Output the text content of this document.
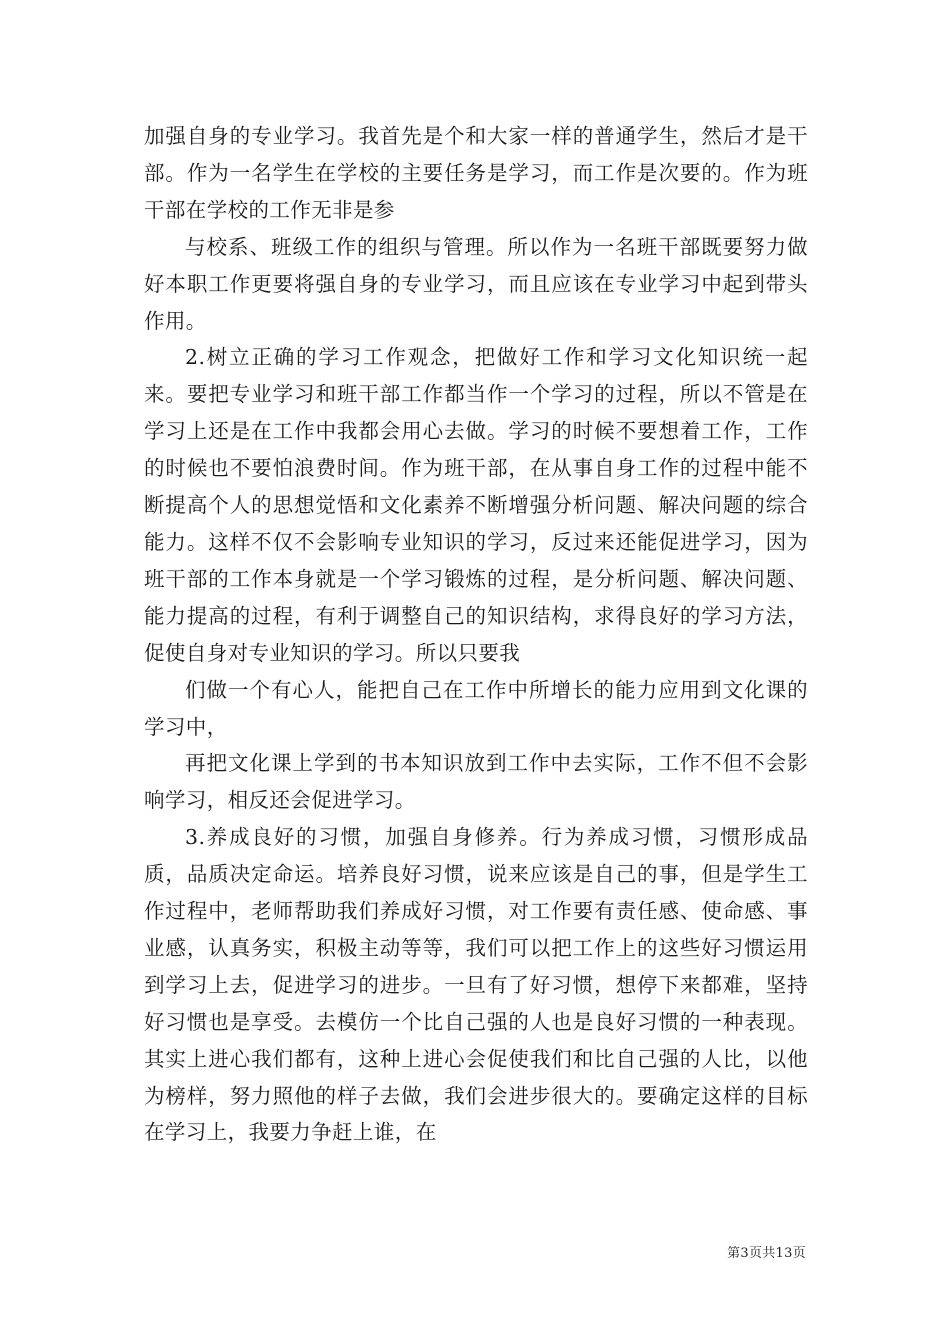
加强自身的专业学习。我首先是个和大家一样的普通学生，然后才是干部。作为一名学生在学校的主要任务是学习，而工作是次要的。作为班干部在学校的工作无非是参

与校系、班级工作的组织与管理。所以作为一名班干部既要努力做好本职工作更要将强自身的专业学习，而且应该在专业学习中起到带头作用。

2.树立正确的学习工作观念，把做好工作和学习文化知识统一起来。要把专业学习和班干部工作都当作一个学习的过程，所以不管是在学习上还是在工作中我都会用心去做。学习的时候不要想着工作，工作的时候也不要怕浪费时间。作为班干部，在从事自身工作的过程中能不断提高个人的思想觉悟和文化素养不断增强分析问题、解决问题的综合能力。这样不仅不会影响专业知识的学习，反过来还能促进学习，因为班干部的工作本身就是一个学习锻炼的过程，是分析问题、解决问题、能力提高的过程，有利于调整自己的知识结构，求得良好的学习方法，促使自身对专业知识的学习。所以只要我

们做一个有心人，能把自己在工作中所增长的能力应用到文化课的学习中，

再把文化课上学到的书本知识放到工作中去实际，工作不但不会影响学习，相反还会促进学习。

3.养成良好的习惯，加强自身修养。行为养成习惯，习惯形成品质，品质决定命运。培养良好习惯，说来应该是自己的事，但是学生工作过程中，老师帮助我们养成好习惯，对工作要有责任感、使命感、事业感，认真务实，积极主动等等，我们可以把工作上的这些好习惯运用到学习上去，促进学习的进步。一旦有了好习惯，想停下来都难，坚持好习惯也是享受。去模仿一个比自己强的人也是良好习惯的一种表现。其实上进心我们都有，这种上进心会促使我们和比自己强的人比，以他为榜样，努力照他的样子去做，我们会进步很大的。要确定这样的目标在学习上，我要力争赶上谁，在

第3页共13页
